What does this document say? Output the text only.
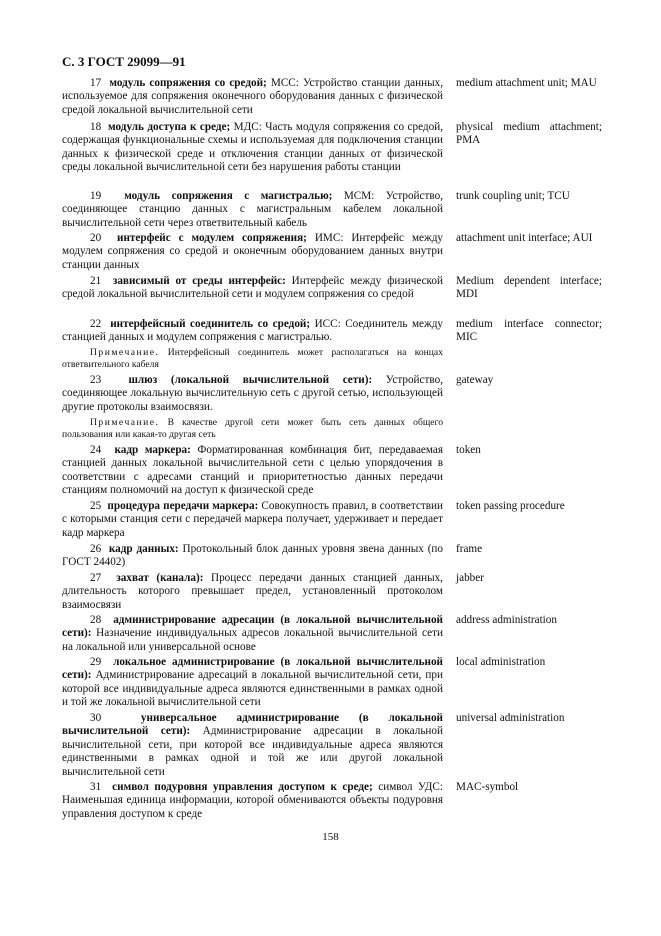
С. 3 ГОСТ 29099—91
17 модуль сопряжения со средой; МСС: Устройство станции данных, используемое для сопряжения оконечного оборудования данных с физической средой локальной вычислительной сети
medium attachment unit; MAU
18 модуль доступа к среде; МДС: Часть модуля сопряжения со средой, содержащая функциональные схемы и используемая для подключения станции данных к физической среде и отключения станции данных от физической среды локальной вычислительной сети без нарушения работы станции
physical medium attachment; PMA
19 модуль сопряжения с магистралью; МСМ: Устройство, соединяющее станцию данных с магистральным кабелем локальной вычислительной сети через ответвительный кабель
trunk coupling unit; TCU
20 интерфейс с модулем сопряжения; ИМС: Интерфейс между модулем сопряжения со средой и оконечным оборудованием данных внутри станции данных
attachment unit interface; AUI
21 зависимый от среды интерфейс: Интерфейс между физической средой локальной вычислительной сети и модулем сопряжения со средой
Medium dependent interface; MDI
22 интерфейсный соединитель со средой; ИСС: Соединитель между станцией данных и модулем сопряжения с магистралью.
medium interface connector; MIC
Примечание. Интерфейсный соединитель может располагаться на концах ответвительного кабеля
23 шлюз (локальной вычислительной сети): Устройство, соединяющее локальную вычислительную сеть с другой сетью, использующей другие протоколы взаимосвязи.
gateway
Примечание. В качестве другой сети может быть сеть данных общего пользования или какая-то другая сеть
24 кадр маркера: Форматированная комбинация бит, передаваемая станцией данных локальной вычислительной сети с целью упорядочения в соответствии с адресами станций и приоритетностью данных передачи станциям полномочий на доступ к физической среде
token
25 процедура передачи маркера: Совокупность правил, в соответствии с которыми станция сети с передачей маркера получает, удерживает и передает кадр маркера
token passing procedure
26 кадр данных: Протокольный блок данных уровня звена данных (по ГОСТ 24402)
frame
27 захват (канала): Процесс передачи данных станцией данных, длительность которого превышает предел, установленный протоколом взаимосвязи
jabber
28 администрирование адресации (в локальной вычислительной сети): Назначение индивидуальных адресов локальной вычислительной сети на локальной или универсальной основе
address administration
29 локальное администрирование (в локальной вычислительной сети): Администрирование адресаций в локальной вычислительной сети, при которой все индивидуальные адреса являются единственными в рамках одной и той же локальной вычислительной сети
local administration
30	универсальное администрирование (в локальной вычислительной сети): Администрирование адресации в локальной вычислительной сети, при которой все индивидуальные адреса являются единственными в рамках одной и той же или другой локальной вычислительной сети
universal administration
31 символ подуровня управления доступом к среде; символ УДС: Наименьшая единица информации, которой обмениваются объекты подуровня управления доступом к среде
MAC-symbol
158
